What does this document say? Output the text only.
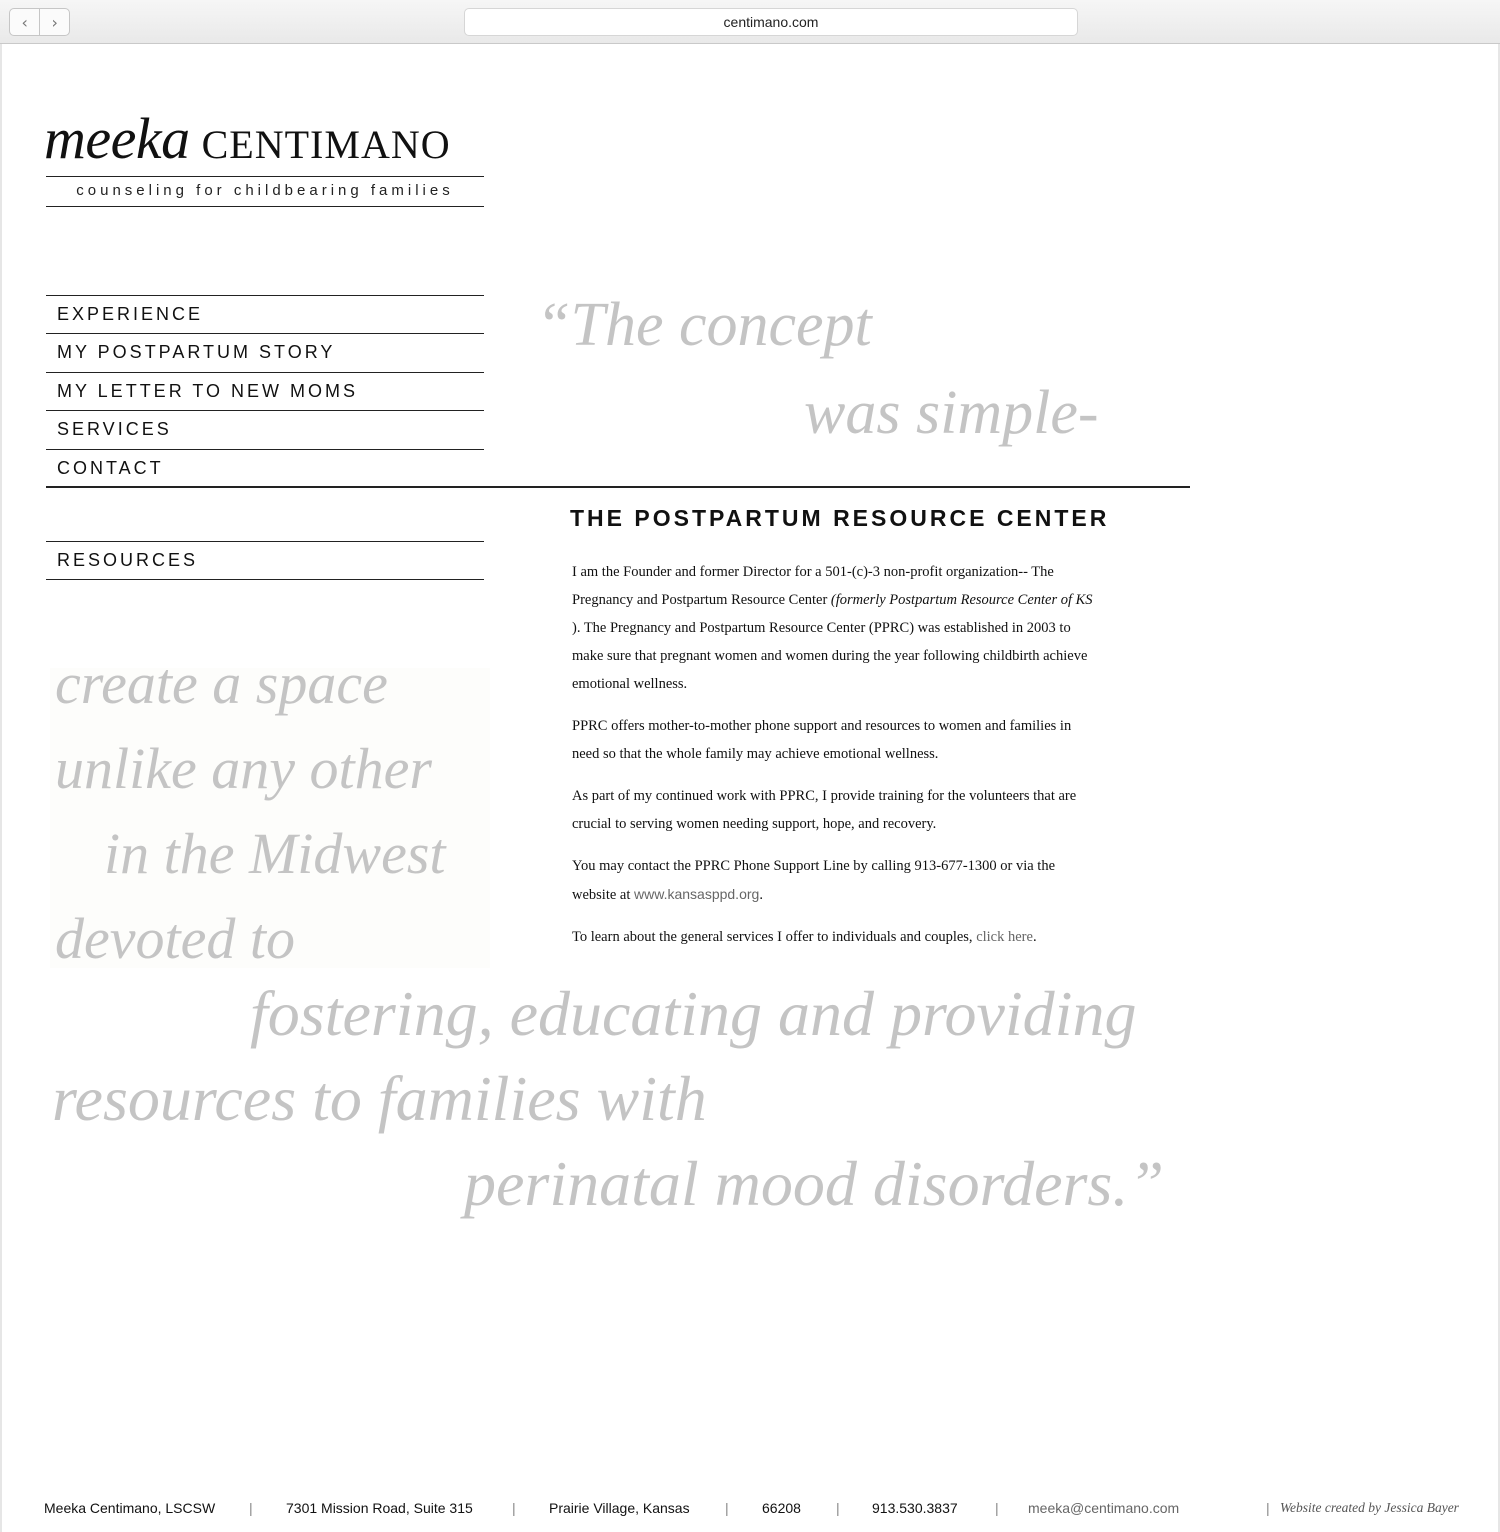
‹	›	centimano.com
meeka CENTIMANO
counseling for childbearing families
EXPERIENCE
MY POSTPARTUM STORY
MY LETTER TO NEW MOMS
SERVICES
CONTACT
RESOURCES
“The concept
was simple-
create a space
unlike any other
in the Midwest
devoted to
fostering, educating and providing
resources to families with
perinatal mood disorders.”
THE POSTPARTUM RESOURCE CENTER

I am the Founder and former Director for a 501-(c)-3 non-profit organization-- The Pregnancy and Postpartum Resource Center (formerly Postpartum Resource Center of KS ). The Pregnancy and Postpartum Resource Center (PPRC) was established in 2003 to make sure that pregnant women and women during the year following childbirth achieve emotional wellness.

PPRC offers mother-to-mother phone support and resources to women and families in need so that the whole family may achieve emotional wellness.

As part of my continued work with PPRC, I provide training for the volunteers that are crucial to serving women needing support, hope, and recovery.

You may contact the PPRC Phone Support Line by calling 913-677-1300 or via the website at www.kansasppd.org.

To learn about the general services I offer to individuals and couples, click here.

Meeka Centimano, LSCSW | 7301 Mission Road, Suite 315	| Prairie Village, Kansas	| 66208	| 913.530.3837	| meeka@centimano.com	| Website created by Jessica Bayer
